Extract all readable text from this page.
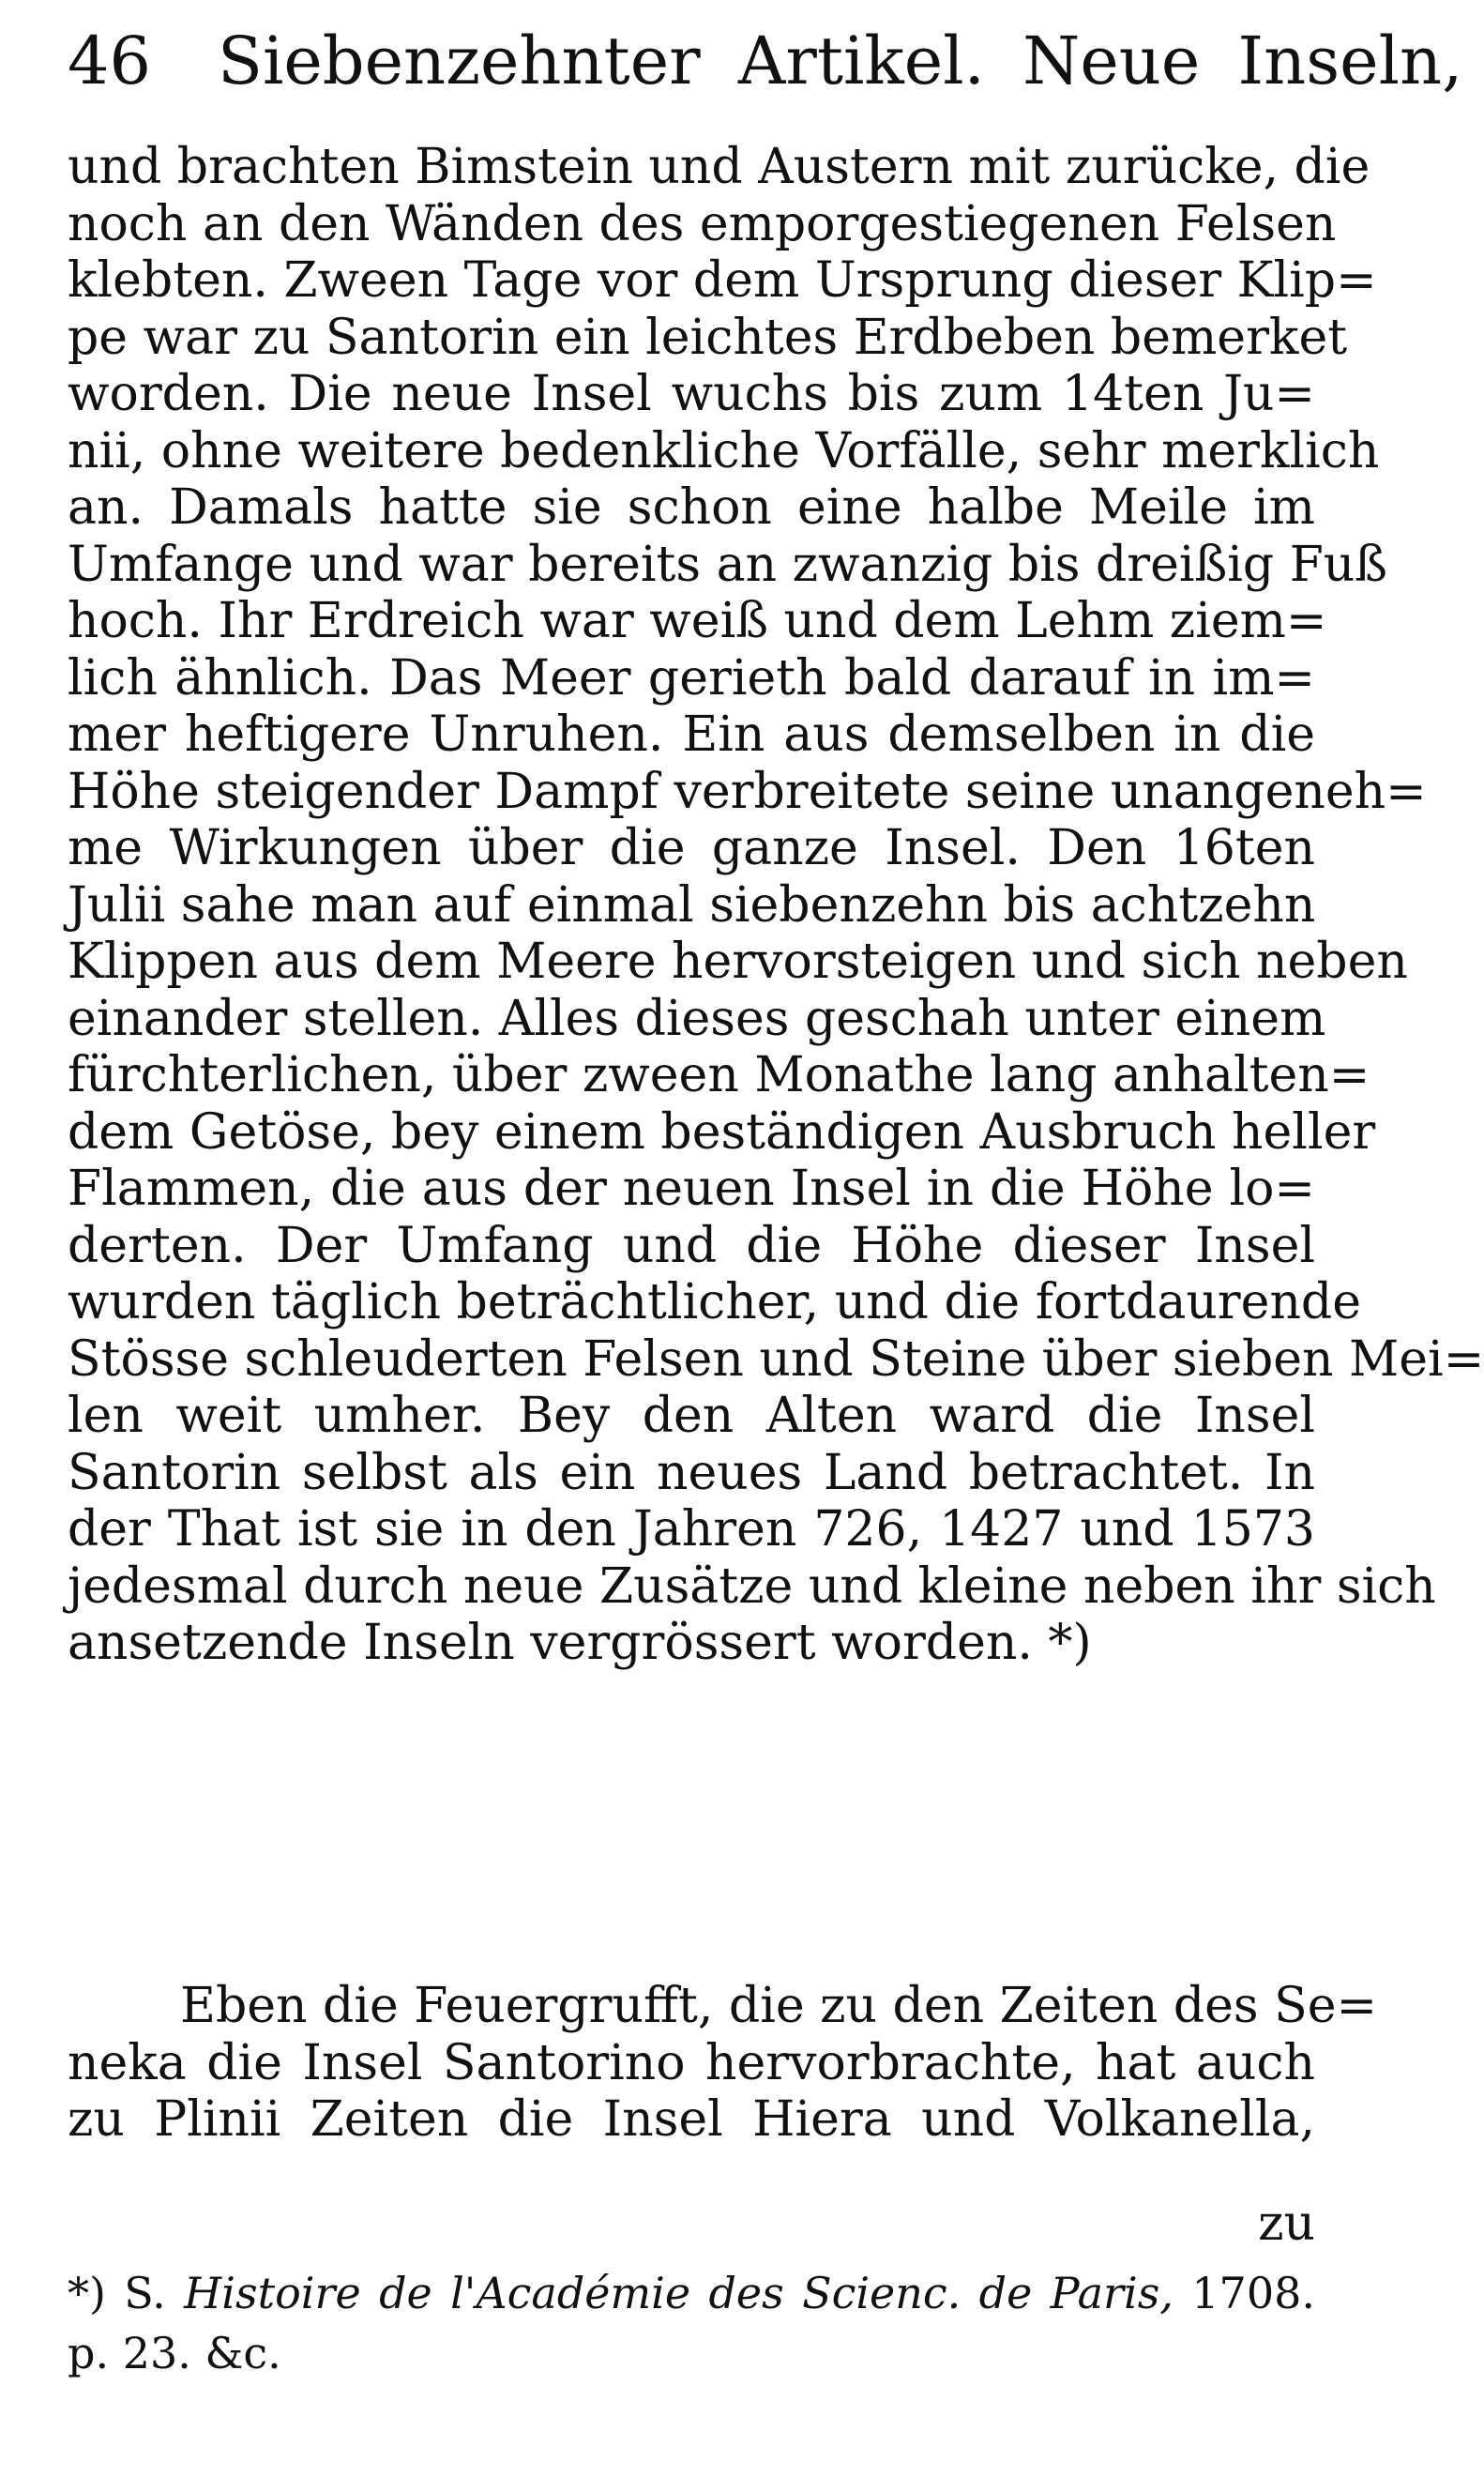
46 Siebenzehnter Artikel. Neue Inseln,
und brachten Bimstein und Austern mit zurücke, die
noch an den Wänden des emporgestiegenen Felsen
klebten. Zween Tage vor dem Ursprung dieser Klip=
pe war zu Santorin ein leichtes Erdbeben bemerket
worden. Die neue Insel wuchs bis zum 14ten Ju=
nii, ohne weitere bedenkliche Vorfälle, sehr merklich
an. Damals hatte sie schon eine halbe Meile im
Umfange und war bereits an zwanzig bis dreißig Fuß
hoch. Ihr Erdreich war weiß und dem Lehm ziem=
lich ähnlich. Das Meer gerieth bald darauf in im=
mer heftigere Unruhen. Ein aus demselben in die
Höhe steigender Dampf verbreitete seine unangeneh=
me Wirkungen über die ganze Insel. Den 16ten
Julii sahe man auf einmal siebenzehn bis achtzehn
Klippen aus dem Meere hervorsteigen und sich neben
einander stellen. Alles dieses geschah unter einem
fürchterlichen, über zween Monathe lang anhalten=
dem Getöse, bey einem beständigen Ausbruch heller
Flammen, die aus der neuen Insel in die Höhe lo=
derten. Der Umfang und die Höhe dieser Insel
wurden täglich beträchtlicher, und die fortdaurende
Stösse schleuderten Felsen und Steine über sieben Mei=
len weit umher. Bey den Alten ward die Insel
Santorin selbst als ein neues Land betrachtet. In
der That ist sie in den Jahren 726, 1427 und 1573
jedesmal durch neue Zusätze und kleine neben ihr sich
ansetzende Inseln vergrössert worden. *)
Eben die Feuergrufft, die zu den Zeiten des Se=
neka die Insel Santorino hervorbrachte, hat auch
zu Plinii Zeiten die Insel Hiera und Volkanella,
zu
*) S. Histoire de l'Académie des Scienc. de Paris, 1708.
p. 23. &c.
